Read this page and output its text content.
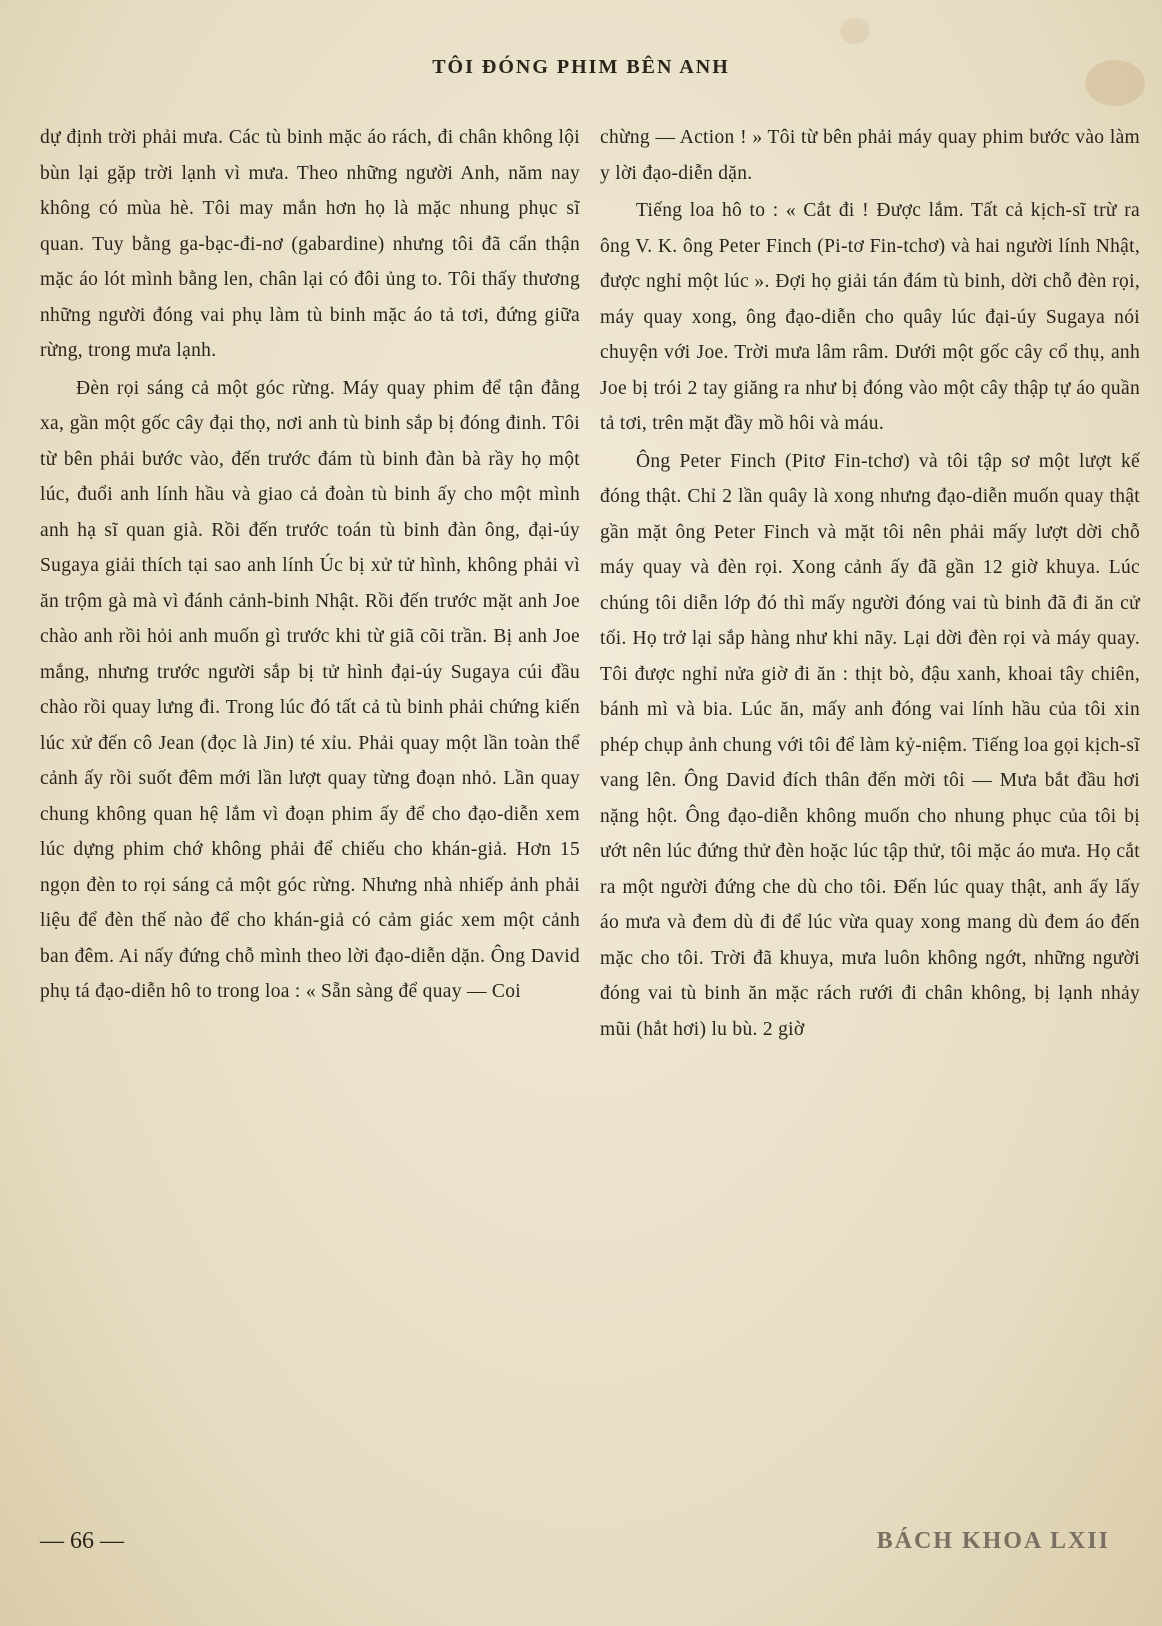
TÔI ĐÓNG PHIM BÊN ANH

dự định trời phải mưa. Các tù binh mặc áo rách, đi chân không lội bùn lại gặp trời lạnh vì mưa. Theo những người Anh, năm nay không có mùa hè. Tôi may mắn hơn họ là mặc nhung phục sĩ quan. Tuy bằng ga-bạc-đi-nơ (gabardine) nhưng tôi đã cẩn thận mặc áo lót mình bằng len, chân lại có đôi ủng to. Tôi thấy thương những người đóng vai phụ làm tù binh mặc áo tả tơi, đứng giữa rừng, trong mưa lạnh.

Đèn rọi sáng cả một góc rừng. Máy quay phim để tận đằng xa, gần một gốc cây đại thọ, nơi anh tù binh sắp bị đóng đinh. Tôi từ bên phải bước vào, đến trước đám tù binh đàn bà rầy họ một lúc, đuổi anh lính hầu và giao cả đoàn tù binh ấy cho một mình anh hạ sĩ quan già. Rồi đến trước toán tù binh đàn ông, đại-úy Sugaya giải thích tại sao anh lính Úc bị xử tử hình, không phải vì ăn trộm gà mà vì đánh cảnh-binh Nhật. Rồi đến trước mặt anh Joe chào anh rồi hỏi anh muốn gì trước khi từ giã cõi trần. Bị anh Joe mắng, nhưng trước người sắp bị tử hình đại-úy Sugaya cúi đầu chào rồi quay lưng đi. Trong lúc đó tất cả tù binh phải chứng kiến lúc xử đến cô Jean (đọc là Jin) té xỉu. Phải quay một lần toàn thể cảnh ấy rồi suốt đêm mới lần lượt quay từng đoạn nhỏ. Lần quay chung không quan hệ lắm vì đoạn phim ấy để cho đạo-diễn xem lúc dựng phim chớ không phải để chiếu cho khán-giả. Hơn 15 ngọn đèn to rọi sáng cả một góc rừng. Nhưng nhà nhiếp ảnh phải liệu để đèn thế nào để cho khán-giả có cảm giác xem một cảnh ban đêm. Ai nấy đứng chỗ mình theo lời đạo-diễn dặn. Ông David phụ tá đạo-diễn hô to trong loa : « Sẵn sàng để quay — Coi

chừng — Action ! » Tôi từ bên phải máy quay phim bước vào làm y lời đạo-diễn dặn.

Tiếng loa hô to : « Cắt đi ! Được lắm. Tất cả kịch-sĩ trừ ra ông V. K. ông Peter Finch (Pi-tơ Fin-tchơ) và hai người lính Nhật, được nghỉ một lúc ». Đợi họ giải tán đám tù binh, dời chỗ đèn rọi, máy quay xong, ông đạo-diễn cho quây lúc đại-úy Sugaya nói chuyện với Joe. Trời mưa lâm râm. Dưới một gốc cây cổ thụ, anh Joe bị trói 2 tay giăng ra như bị đóng vào một cây thập tự áo quần tả tơi, trên mặt đầy mồ hôi và máu.

Ông Peter Finch (Pitơ Fin-tchơ) và tôi tập sơ một lượt kế đóng thật. Chỉ 2 lần quây là xong nhưng đạo-diễn muốn quay thật gần mặt ông Peter Finch và mặt tôi nên phải mấy lượt dời chỗ máy quay và đèn rọi. Xong cảnh ấy đã gần 12 giờ khuya. Lúc chúng tôi diễn lớp đó thì mấy người đóng vai tù binh đã đi ăn cử tối. Họ trở lại sắp hàng như khi nãy. Lại dời đèn rọi và máy quay. Tôi được nghỉ nửa giờ đi ăn : thịt bò, đậu xanh, khoai tây chiên, bánh mì và bia. Lúc ăn, mấy anh đóng vai lính hầu của tôi xin phép chụp ảnh chung với tôi để làm kỷ-niệm. Tiếng loa gọi kịch-sĩ vang lên. Ông David đích thân đến mời tôi — Mưa bắt đầu hơi nặng hột. Ông đạo-diễn không muốn cho nhung phục của tôi bị ướt nên lúc đứng thử đèn hoặc lúc tập thử, tôi mặc áo mưa. Họ cắt ra một người đứng che dù cho tôi. Đến lúc quay thật, anh ấy lấy áo mưa và đem dù đi để lúc vừa quay xong mang dù đem áo đến mặc cho tôi. Trời đã khuya, mưa luôn không ngớt, những người đóng vai tù binh ăn mặc rách rưới đi chân không, bị lạnh nhảy mũi (hắt hơi) lu bù. 2 giờ

— 66 —	BÁCH KHOA LXII
